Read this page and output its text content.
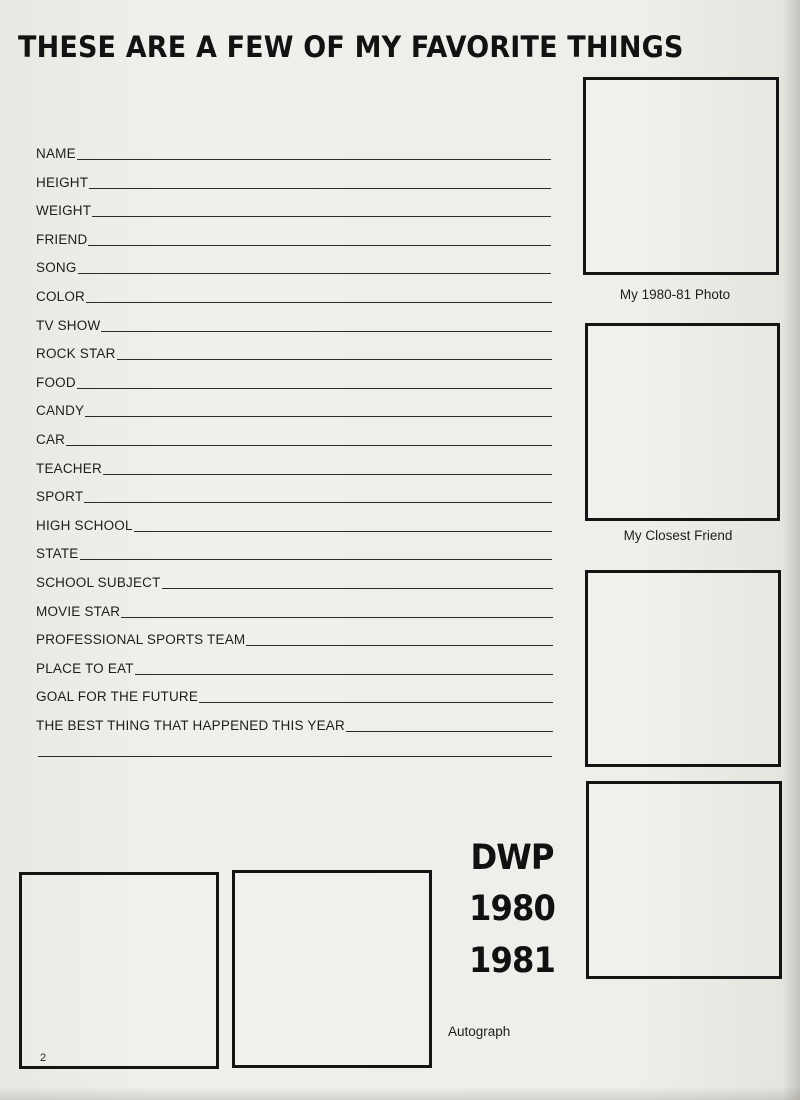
THESE ARE A FEW OF MY FAVORITE THINGS
NAME
HEIGHT
WEIGHT
FRIEND
SONG
COLOR
TV SHOW
ROCK STAR
FOOD
CANDY
CAR
TEACHER
SPORT
HIGH SCHOOL
STATE
SCHOOL SUBJECT
MOVIE STAR
PROFESSIONAL SPORTS TEAM
PLACE TO EAT
GOAL FOR THE FUTURE
THE BEST THING THAT HAPPENED THIS YEAR
My 1980-81 Photo
My Closest Friend
DWP
1980
1981
Autograph
2
